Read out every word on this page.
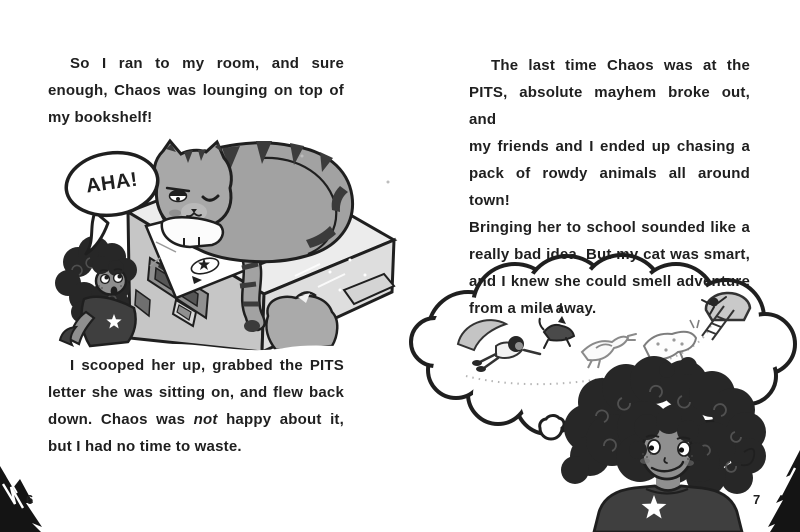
So I ran to my room, and sure
enough, Chaos was lounging on top of
my bookshelf!
AHA!
I scooped her up, grabbed the PITS
letter she was sitting on, and flew back
down. Chaos was not happy about it,
but I had no time to waste.
The last time Chaos was at the
PITS, absolute mayhem broke out, and
my friends and I ended up chasing a
pack of rowdy animals all around town!
Bringing her to school sounded like a
really bad idea. But my cat was smart,
and I knew she could smell adventure
from a mile away.
6	7
